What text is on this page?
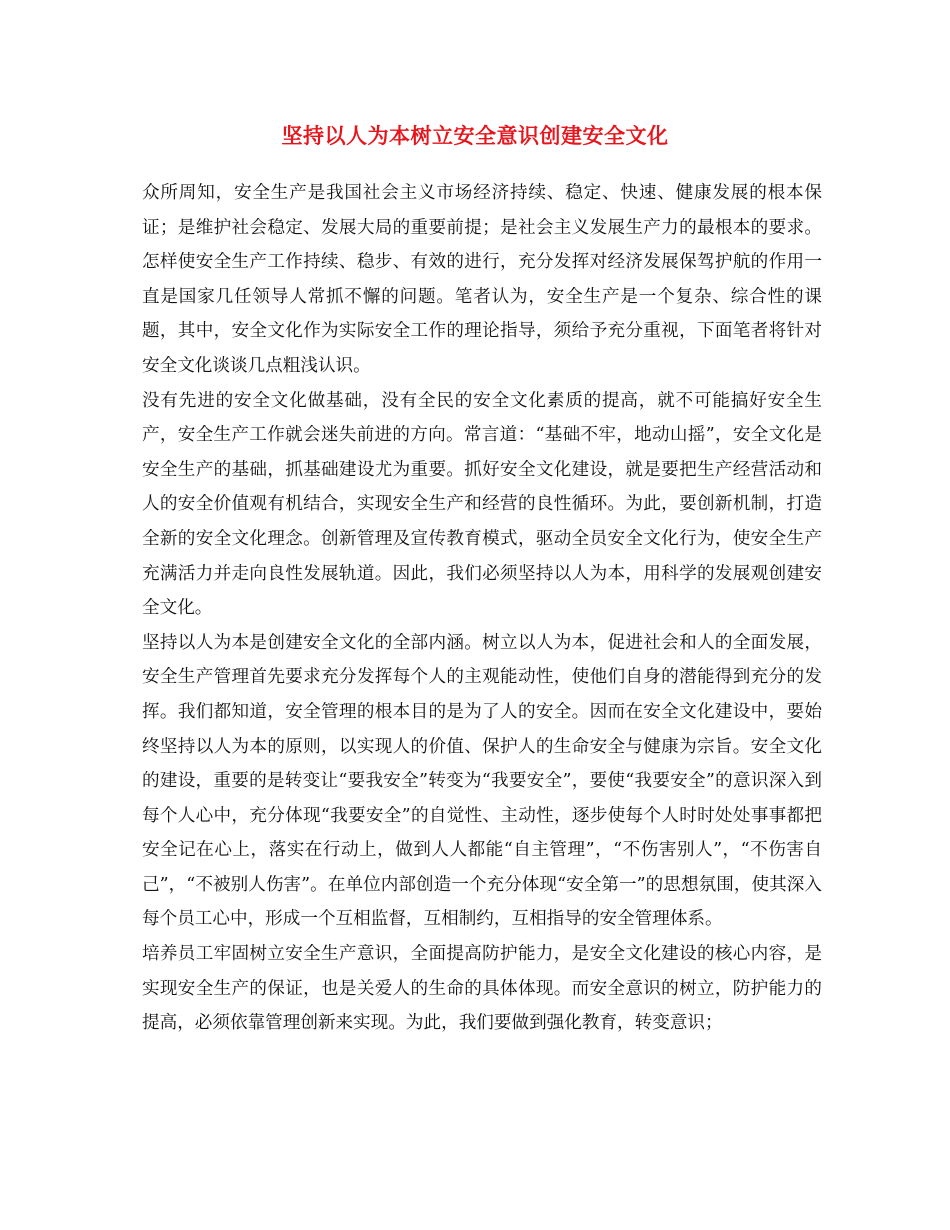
坚持以人为本树立安全意识创建安全文化

众所周知，安全生产是我国社会主义市场经济持续、稳定、快速、健康发展的根本保证；是维护社会稳定、发展大局的重要前提；是社会主义发展生产力的最根本的要求。怎样使安全生产工作持续、稳步、有效的进行，充分发挥对经济发展保驾护航的作用一直是国家几任领导人常抓不懈的问题。笔者认为，安全生产是一个复杂、综合性的课题，其中，安全文化作为实际安全工作的理论指导，须给予充分重视，下面笔者将针对安全文化谈谈几点粗浅认识。

没有先进的安全文化做基础，没有全民的安全文化素质的提高，就不可能搞好安全生产，安全生产工作就会迷失前进的方向。常言道：“基础不牢，地动山摇”，安全文化是安全生产的基础，抓基础建设尤为重要。抓好安全文化建设，就是要把生产经营活动和人的安全价值观有机结合，实现安全生产和经营的良性循环。为此，要创新机制，打造全新的安全文化理念。创新管理及宣传教育模式，驱动全员安全文化行为，使安全生产充满活力并走向良性发展轨道。因此，我们必须坚持以人为本，用科学的发展观创建安全文化。

坚持以人为本是创建安全文化的全部内涵。树立以人为本，促进社会和人的全面发展，安全生产管理首先要求充分发挥每个人的主观能动性，使他们自身的潜能得到充分的发挥。我们都知道，安全管理的根本目的是为了人的安全。因而在安全文化建设中，要始终坚持以人为本的原则，以实现人的价值、保护人的生命安全与健康为宗旨。安全文化的建设，重要的是转变让“要我安全”转变为“我要安全”，要使“我要安全”的意识深入到每个人心中，充分体现“我要安全”的自觉性、主动性，逐步使每个人时时处处事事都把安全记在心上，落实在行动上，做到人人都能“自主管理”，“不伤害别人”，“不伤害自己”，“不被别人伤害”。在单位内部创造一个充分体现“安全第一”的思想氛围，使其深入每个员工心中，形成一个互相监督，互相制约，互相指导的安全管理体系。

培养员工牢固树立安全生产意识，全面提高防护能力，是安全文化建设的核心内容，是实现安全生产的保证，也是关爱人的生命的具体体现。而安全意识的树立，防护能力的提高，必须依靠管理创新来实现。为此，我们要做到强化教育，转变意识；
